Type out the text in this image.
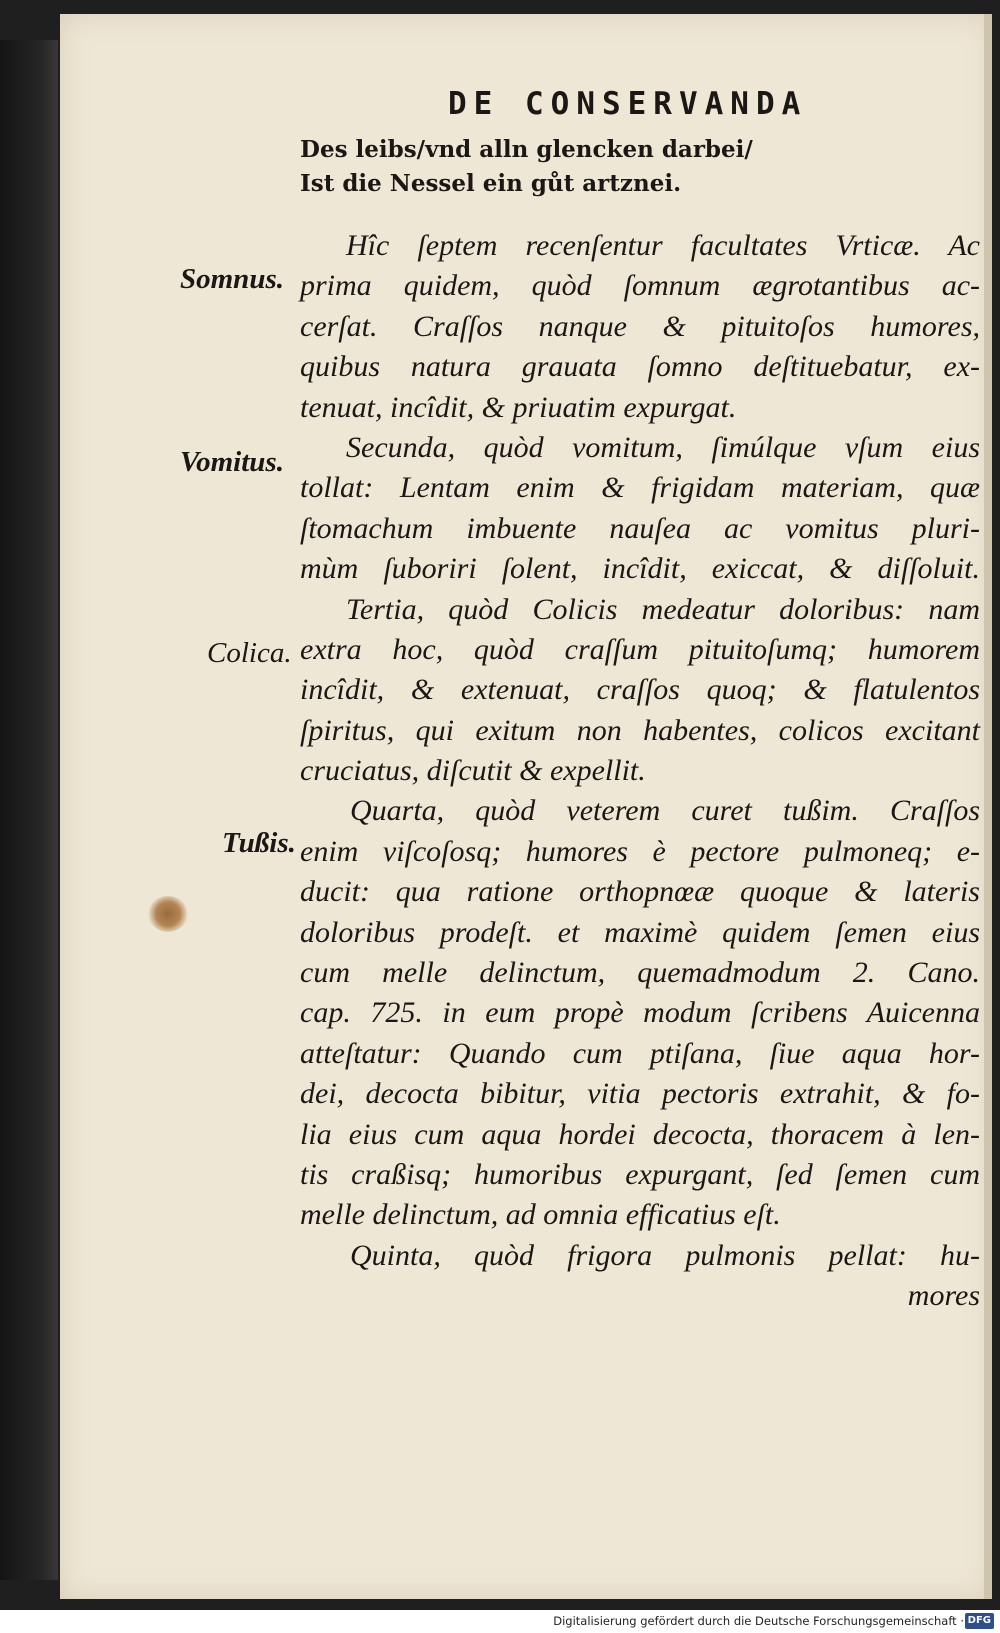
DE CONSERVANDA
Des leibs/vnd alln glencken darbei/
Ist die Nessel ein gůt artznei.
Somnus.
Vomitus.
Colica.
Tußis.
Hîc ſeptem recenſentur facultates Vrticæ. Ac
prima quidem, quòd ſomnum ægrotantibus ac-
cerſat. Craſſos nanque & pituitoſos humores,
quibus natura grauata ſomno deſtituebatur, ex-
tenuat, incîdit, & priuatim expurgat.
Secunda, quòd vomitum, ſimúlque vſum eius
tollat: Lentam enim & frigidam materiam, quæ
ſtomachum imbuente nauſea ac vomitus pluri-
mùm ſuboriri ſolent, incîdit, exiccat, & diſſoluit.
Tertia, quòd Colicis medeatur doloribus: nam
extra hoc, quòd craſſum pituitoſumq; humorem
incîdit, & extenuat, craſſos quoq; & flatulentos
ſpiritus, qui exitum non habentes, colicos excitant
cruciatus, diſcutit & expellit.
Quarta, quòd veterem curet tußim. Craſſos
enim viſcoſosq; humores è pectore pulmoneq; e-
ducit: qua ratione orthopnœæ quoque & lateris
doloribus prodeſt. et maximè quidem ſemen eius
cum melle delinctum, quemadmodum 2. Cano.
cap. 725. in eum propè modum ſcribens Auicenna
atteſtatur: Quando cum ptiſana, ſiue aqua hor-
dei, decocta bibitur, vitia pectoris extrahit, & fo-
lia eius cum aqua hordei decocta, thoracem à len-
tis craßisq; humoribus expurgant, ſed ſemen cum
melle delinctum, ad omnia efficatius eſt.
Quinta, quòd frigora pulmonis pellat: hu-
mores
Digitalisierung gefördert durch die Deutsche Forschungsgemeinschaft · DFG
